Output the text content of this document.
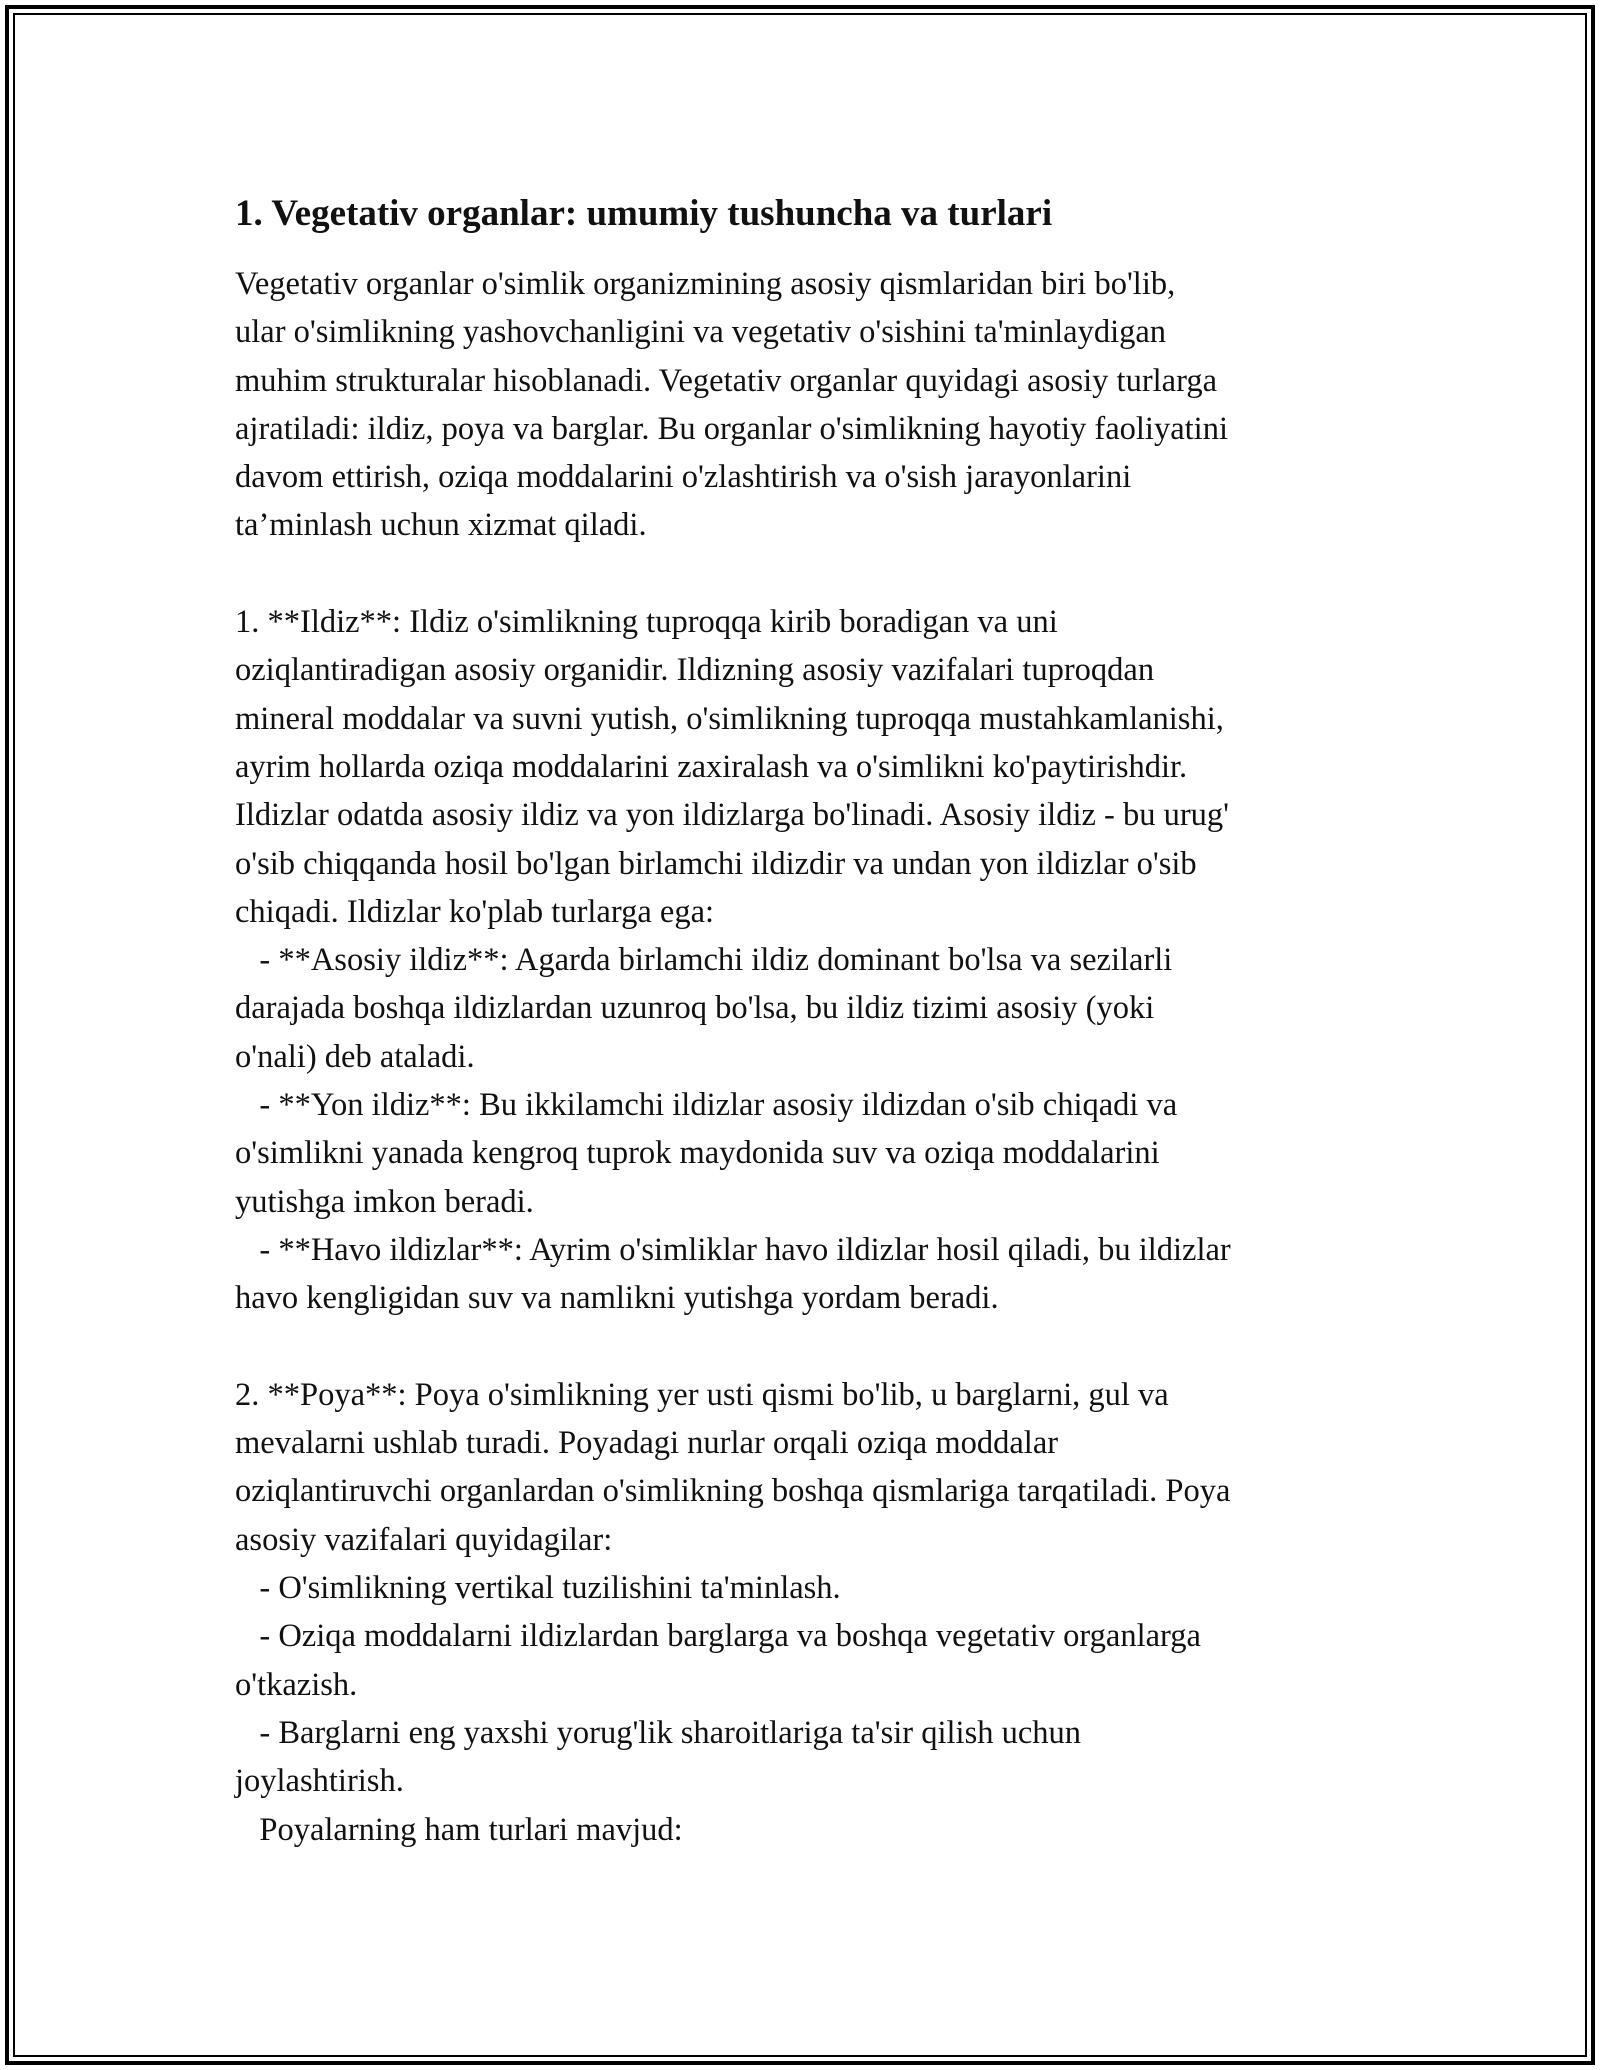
1. Vegetativ organlar: umumiy tushuncha va turlari

Vegetativ organlar o'simlik organizmining asosiy qismlaridan biri bo'lib,
ular o'simlikning yashovchanligini va vegetativ o'sishini ta'minlaydigan
muhim strukturalar hisoblanadi. Vegetativ organlar quyidagi asosiy turlarga
ajratiladi: ildiz, poya va barglar. Bu organlar o'simlikning hayotiy faoliyatini
davom ettirish, oziqa moddalarini o'zlashtirish va o'sish jarayonlarini
ta’minlash uchun xizmat qiladi.

1. **Ildiz**: Ildiz o'simlikning tuproqqa kirib boradigan va uni
oziqlantiradigan asosiy organidir. Ildizning asosiy vazifalari tuproqdan
mineral moddalar va suvni yutish, o'simlikning tuproqqa mustahkamlanishi,
ayrim hollarda oziqa moddalarini zaxiralash va o'simlikni ko'paytirishdir.
Ildizlar odatda asosiy ildiz va yon ildizlarga bo'linadi. Asosiy ildiz - bu urug'
o'sib chiqqanda hosil bo'lgan birlamchi ildizdir va undan yon ildizlar o'sib
chiqadi. Ildizlar ko'plab turlarga ega:
- **Asosiy ildiz**: Agarda birlamchi ildiz dominant bo'lsa va sezilarli
darajada boshqa ildizlardan uzunroq bo'lsa, bu ildiz tizimi asosiy (yoki
o'nali) deb ataladi.
- **Yon ildiz**: Bu ikkilamchi ildizlar asosiy ildizdan o'sib chiqadi va
o'simlikni yanada kengroq tuprok maydonida suv va oziqa moddalarini
yutishga imkon beradi.
- **Havo ildizlar**: Ayrim o'simliklar havo ildizlar hosil qiladi, bu ildizlar
havo kengligidan suv va namlikni yutishga yordam beradi.

2. **Poya**: Poya o'simlikning yer usti qismi bo'lib, u barglarni, gul va
mevalarni ushlab turadi. Poyadagi nurlar orqali oziqa moddalar
oziqlantiruvchi organlardan o'simlikning boshqa qismlariga tarqatiladi. Poya
asosiy vazifalari quyidagilar:
- O'simlikning vertikal tuzilishini ta'minlash.
- Oziqa moddalarni ildizlardan barglarga va boshqa vegetativ organlarga
o'tkazish.
- Barglarni eng yaxshi yorug'lik sharoitlariga ta'sir qilish uchun
joylashtirish.
Poyalarning ham turlari mavjud:
